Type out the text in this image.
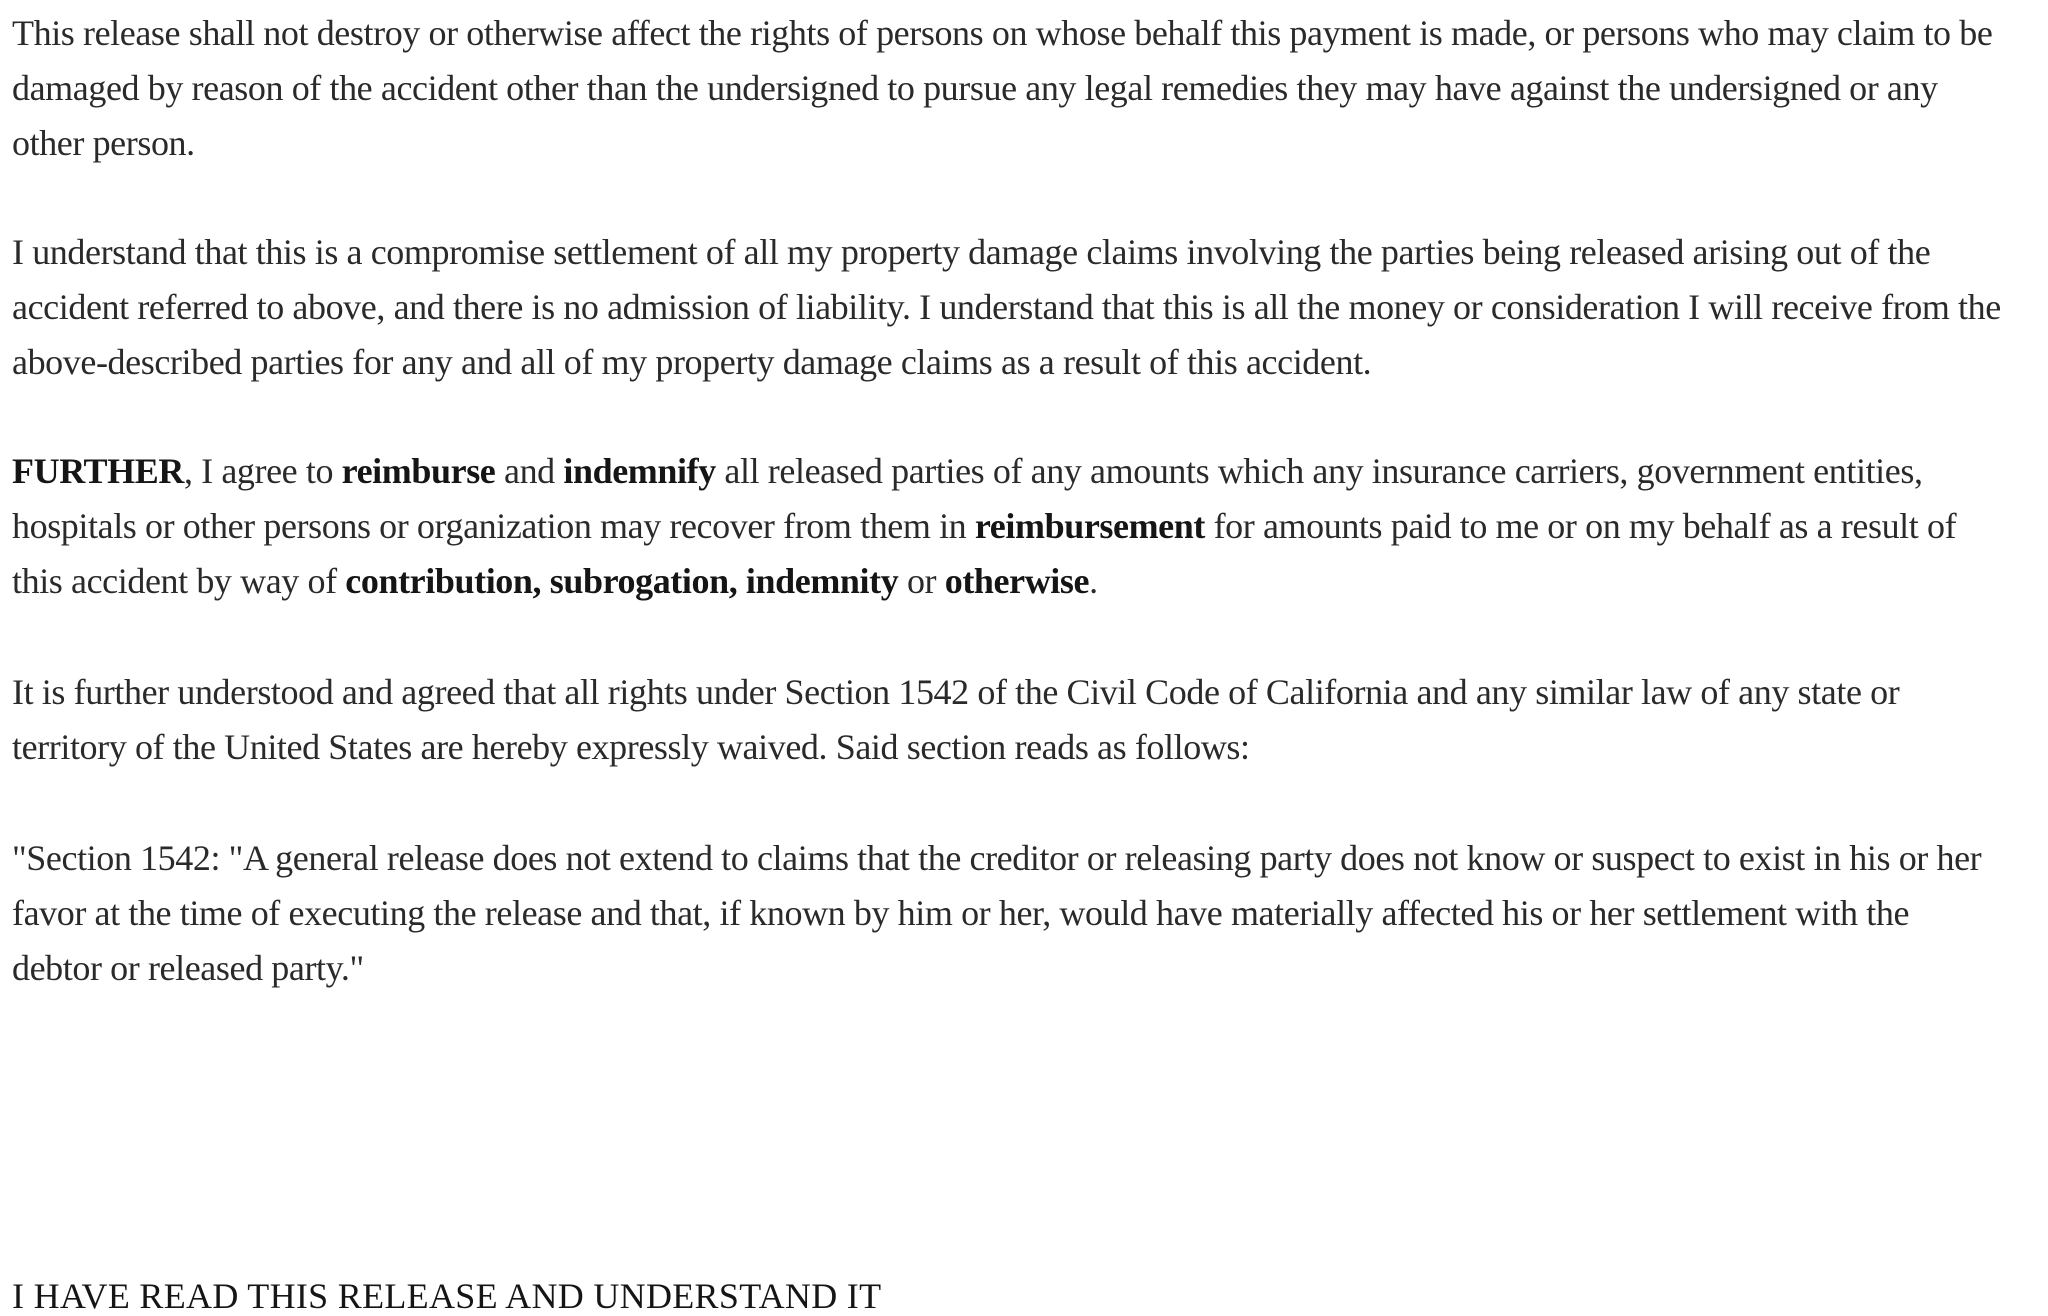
This release shall not destroy or otherwise affect the rights of persons on whose behalf this payment is made, or persons who may claim to be damaged by reason of the accident other than the undersigned to pursue any legal remedies they may have against the undersigned or any other person.

I understand that this is a compromise settlement of all my property damage claims involving the parties being released arising out of the accident referred to above, and there is no admission of liability. I understand that this is all the money or consideration I will receive from the above-described parties for any and all of my property damage claims as a result of this accident.

FURTHER, I agree to reimburse and indemnify all released parties of any amounts which any insurance carriers, government entities, hospitals or other persons or organization may recover from them in reimbursement for amounts paid to me or on my behalf as a result of this accident by way of contribution, subrogation, indemnity or otherwise.

It is further understood and agreed that all rights under Section 1542 of the Civil Code of California and any similar law of any state or territory of the United States are hereby expressly waived. Said section reads as follows:

"Section 1542: "A general release does not extend to claims that the creditor or releasing party does not know or suspect to exist in his or her favor at the time of executing the release and that, if known by him or her, would have materially affected his or her settlement with the debtor or released party."

I HAVE READ THIS RELEASE AND UNDERSTAND IT
